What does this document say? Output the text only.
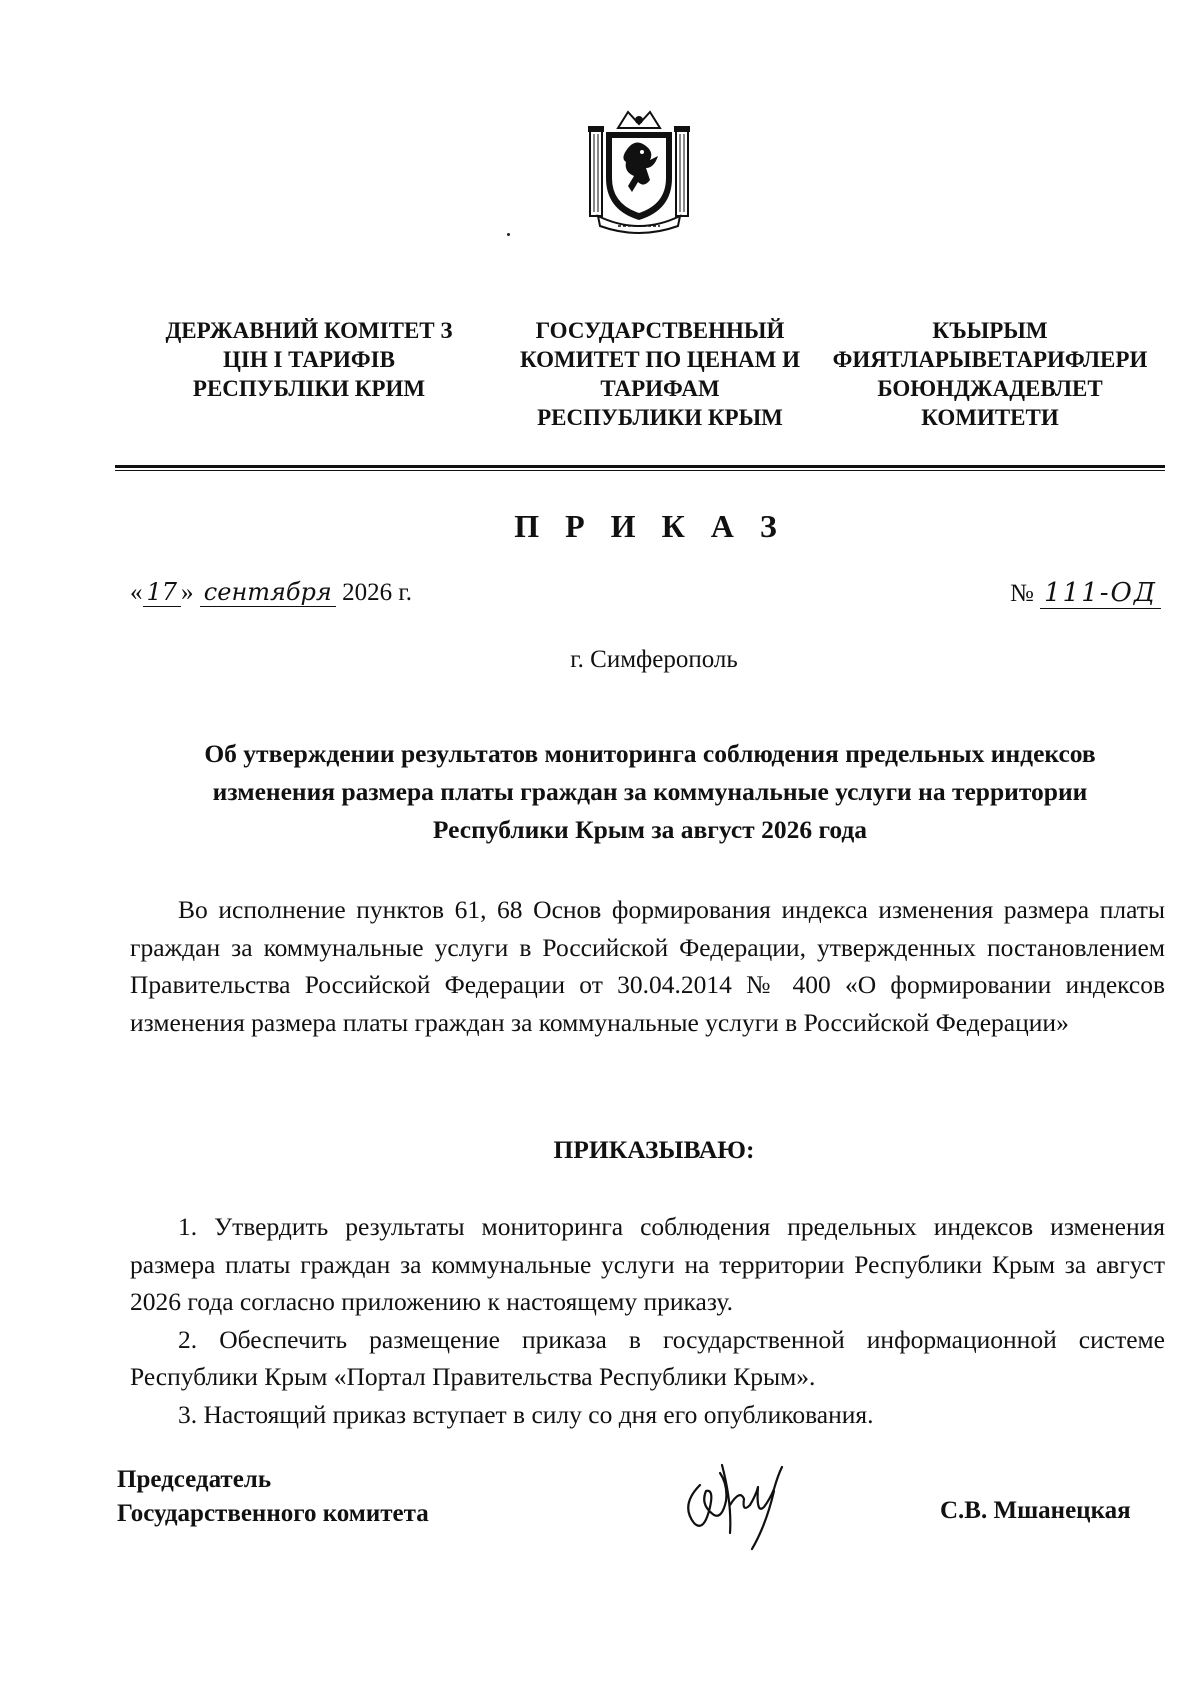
ДЕРЖАВНИЙ КОМІТЕТ З
ЦІН І ТАРИФІВ
РЕСПУБЛІКИ КРИМ
ГОСУДАРСТВЕННЫЙ
КОМИТЕТ ПО ЦЕНАМ И
ТАРИФАМ
РЕСПУБЛИКИ КРЫМ
КЪЫРЫМ
ФИЯТЛАРЫВЕТАРИФЛЕРИ
БОЮНДЖАДЕВЛЕТ
КОМИТЕТИ
П Р И К А З
« 17 » сентября 2026 г.	№ 111-ОД
г. Симферополь
Об утверждении результатов мониторинга соблюдения предельных индексов изменения размера платы граждан за коммунальные услуги на территории Республики Крым за август 2026 года
Во исполнение пунктов 61, 68 Основ формирования индекса изменения размера платы граждан за коммунальные услуги в Российской Федерации, утвержденных постановлением Правительства Российской Федерации от 30.04.2014 № 400 «О формировании индексов изменения размера платы граждан за коммунальные услуги в Российской Федерации»
ПРИКАЗЫВАЮ:

1. Утвердить результаты мониторинга соблюдения предельных индексов изменения размера платы граждан за коммунальные услуги на территории Республики Крым за август 2026 года согласно приложению к настоящему приказу.

2. Обеспечить размещение приказа в государственной информационной системе Республики Крым «Портал Правительства Республики Крым».

3. Настоящий приказ вступает в силу со дня его опубликования.

Председатель
Государственного комитета	С.В. Мшанецкая
